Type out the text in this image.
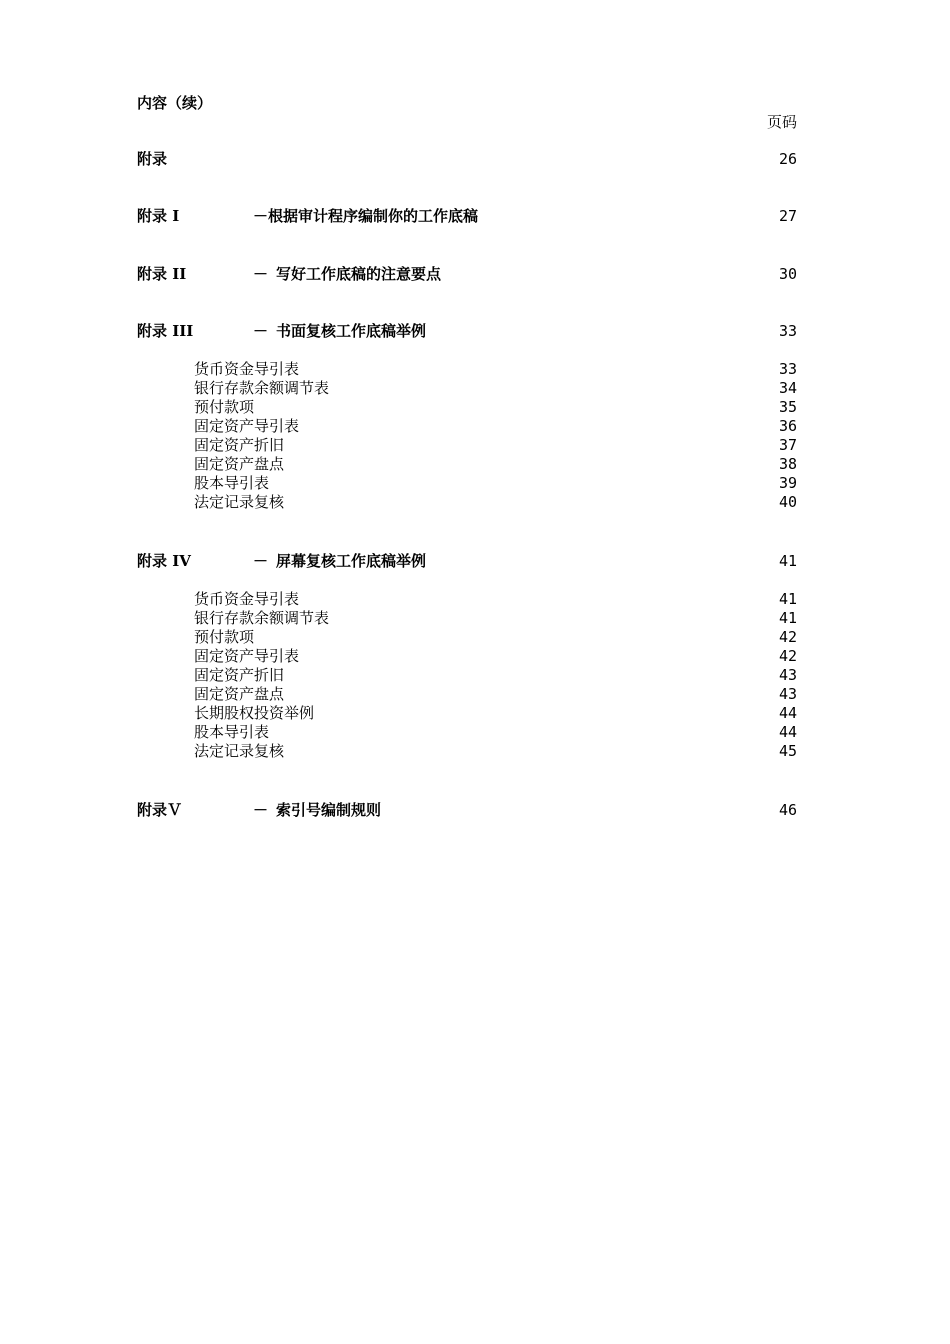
内容（续）
页码
附录	26
附录 I	－ 根据审计程序编制你的工作底稿	27
附录 II	－ 写好工作底稿的注意要点	30
附录 III	－ 书面复核工作底稿举例	33
货币资金导引表	33
银行存款余额调节表	34
预付款项	35
固定资产导引表	36
固定资产折旧	37
固定资产盘点	38
股本导引表	39
法定记录复核	40
附录 IV	－ 屏幕复核工作底稿举例	41
货币资金导引表	41
银行存款余额调节表	41
预付款项	42
固定资产导引表	42
固定资产折旧	43
固定资产盘点	43
长期股权投资举例	44
股本导引表	44
法定记录复核	45
附录Ｖ	－ 索引号编制规则	46
